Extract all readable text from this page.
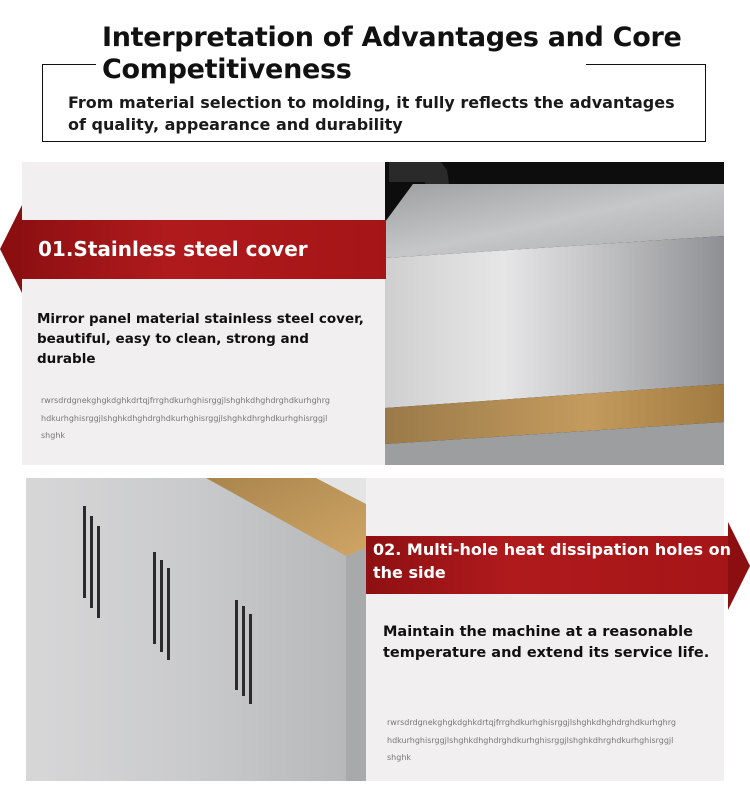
Interpretation of Advantages and Core Competitiveness

From material selection to molding, it fully reflects the advantages of quality, appearance and durability

01.Stainless steel cover

Mirror panel material stainless steel cover, beautiful, easy to clean, strong and durable

rwrsdrdgnekghgkdghkdrtqjfrrghdkurhghisrggjlshghkdhghdrghdkurhghrghdkurhghisrggjlshghkdhghdrghdkurhghisrggjlshghkdhrghdkurhghisrggjlshghk

02. Multi-hole heat dissipation holes on the side

Maintain the machine at a reasonable temperature and extend its service life.

rwrsdrdgnekghgkdghkdrtqjfrrghdkurhghisrggjlshghkdhghdrghdkurhghrghdkurhghisrggjlshghkdhghdrghdkurhghisrggjlshghkdhrghdkurhghisrggjlshghk
